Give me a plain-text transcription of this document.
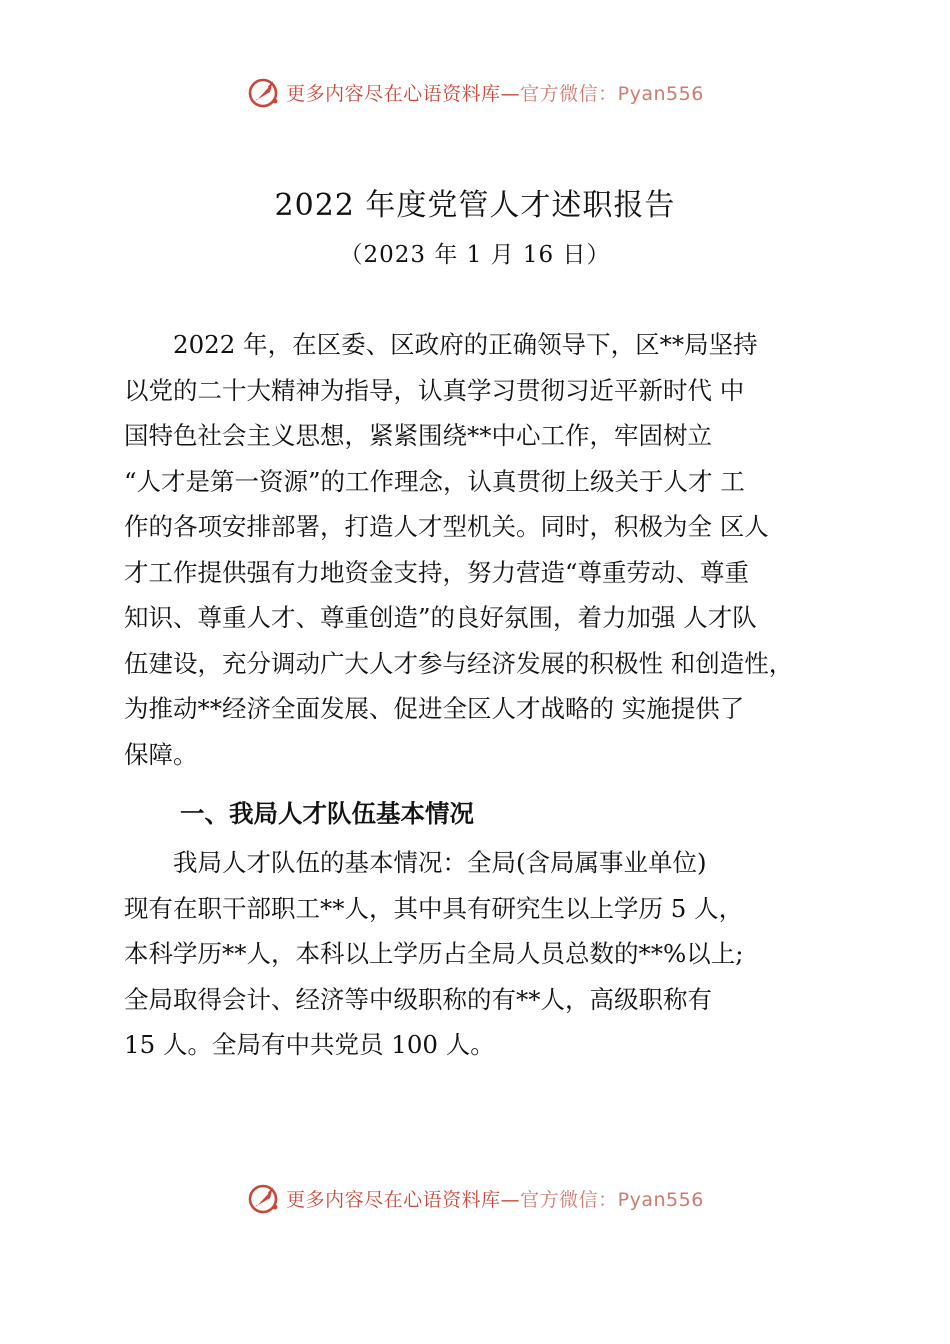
更多内容尽在心语资料库—官方微信：Pyan556
2022 年度党管人才述职报告
（2023 年 1 月 16 日）
　　2022 年，在区委、区政府的正确领导下，区**局坚持
以党的二十大精神为指导，认真学习贯彻习近平新时代 中
国特色社会主义思想，紧紧围绕**中心工作，牢固树立
“人才是第一资源”的工作理念，认真贯彻上级关于人才 工
作的各项安排部署，打造人才型机关。同时，积极为全 区人
才工作提供强有力地资金支持，努力营造“尊重劳动、尊重
知识、尊重人才、尊重创造”的良好氛围，着力加强 人才队
伍建设，充分调动广大人才参与经济发展的积极性 和创造性，
为推动**经济全面发展、促进全区人才战略的 实施提供了
保障。
一、我局人才队伍基本情况
　　我局人才队伍的基本情况：全局(含局属事业单位)
现有在职干部职工**人，其中具有研究生以上学历 5 人，
本科学历**人，本科以上学历占全局人员总数的**%以上;
全局取得会计、经济等中级职称的有**人，高级职称有
15 人。全局有中共党员 100 人。
更多内容尽在心语资料库—官方微信：Pyan556
